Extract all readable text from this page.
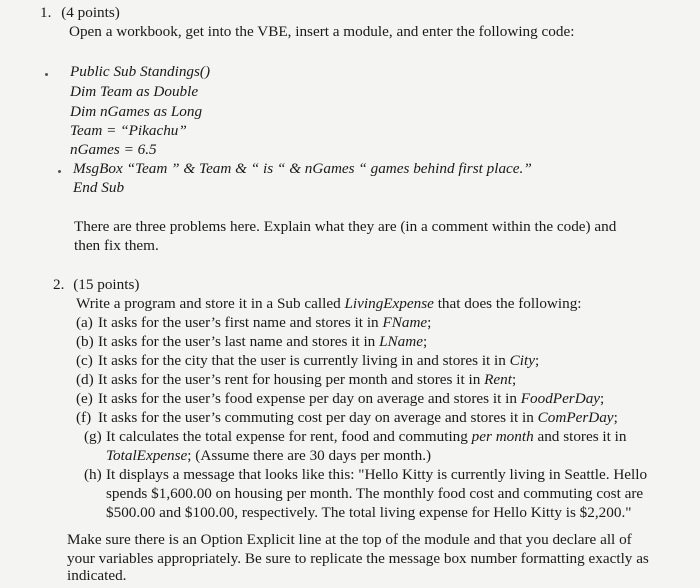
1. (4 points)
Open a workbook, get into the VBE, insert a module, and enter the following code:
Public Sub Standings()
Dim Team as Double
Dim nGames as Long
Team = “Pikachu”
nGames = 6.5
MsgBox “Team ” & Team & “ is “ & nGames “ games behind first place.”
End Sub
There are three problems here. Explain what they are (in a comment within the code) and
then fix them.
2. (15 points)
Write a program and store it in a Sub called LivingExpense that does the following:
(a) It asks for the user’s first name and stores it in FName;
(b) It asks for the user’s last name and stores it in LName;
(c) It asks for the city that the user is currently living in and stores it in City;
(d) It asks for the user’s rent for housing per month and stores it in Rent;
(e) It asks for the user’s food expense per day on average and stores it in FoodPerDay;
(f) It asks for the user’s commuting cost per day on average and stores it in ComPerDay;
(g) It calculates the total expense for rent, food and commuting per month and stores it in
TotalExpense; (Assume there are 30 days per month.)
(h) It displays a message that looks like this: "Hello Kitty is currently living in Seattle. Hello
spends $1,600.00 on housing per month. The monthly food cost and commuting cost are
$500.00 and $100.00, respectively. The total living expense for Hello Kitty is $2,200."
Make sure there is an Option Explicit line at the top of the module and that you declare all of
your variables appropriately. Be sure to replicate the message box number formatting exactly as
indicated.
